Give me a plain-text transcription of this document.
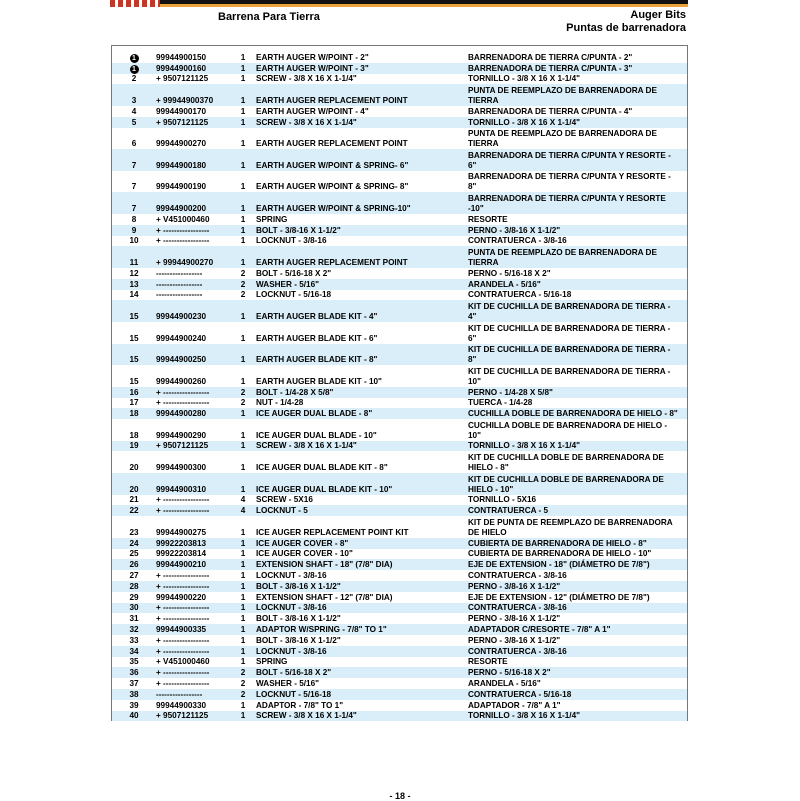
Barrena Para Tierra	Auger Bits
Puntas de barrenadora
1	99944900150	1	EARTH AUGER W/POINT - 2"	BARRENADORA DE TIERRA C/PUNTA - 2"
1	99944900160	1	EARTH AUGER W/POINT - 3"	BARRENADORA DE TIERRA C/PUNTA - 3"
2	+ 9507121125	1	SCREW - 3/8 X 16 X 1-1/4"	TORNILLO - 3/8 X 16 X 1-1/4"
3	+ 99944900370	1	EARTH AUGER REPLACEMENT POINT
PUNTA DE REEMPLAZO DE BARRENADORA DE TIERRA
4	99944900170	1	EARTH AUGER W/POINT - 4"	BARRENADORA DE TIERRA C/PUNTA - 4"
5	+ 9507121125	1	SCREW - 3/8 X 16 X 1-1/4"	TORNILLO - 3/8 X 16 X 1-1/4"
6	99944900270	1	EARTH AUGER REPLACEMENT POINT
PUNTA DE REEMPLAZO DE BARRENADORA DE TIERRA
7	99944900180	1	EARTH AUGER W/POINT & SPRING- 6"
BARRENADORA DE TIERRA C/PUNTA Y RESORTE - 6"
7	99944900190	1	EARTH AUGER W/POINT & SPRING- 8"
BARRENADORA DE TIERRA C/PUNTA Y RESORTE - 8"
7	99944900200	1	EARTH AUGER W/POINT & SPRING-10"
BARRENADORA DE TIERRA C/PUNTA Y RESORTE -10"
8	+ V451000460	1	SPRING	RESORTE
9	+ -----------------	1	BOLT - 3/8-16 X 1-1/2"	PERNO - 3/8-16 X 1-1/2"
10	+ -----------------	1	LOCKNUT - 3/8-16	CONTRATUERCA - 3/8-16
11	+ 99944900270	1	EARTH AUGER REPLACEMENT POINT
PUNTA DE REEMPLAZO DE BARRENADORA DE TIERRA
12	-----------------	2	BOLT - 5/16-18 X 2"	PERNO - 5/16-18 X 2"
13	-----------------	2	WASHER - 5/16"	ARANDELA - 5/16"
14	-----------------	2	LOCKNUT - 5/16-18	CONTRATUERCA - 5/16-18
15	99944900230	1	EARTH AUGER BLADE KIT - 4"
KIT DE CUCHILLA DE BARRENADORA DE TIERRA - 4"
15	99944900240	1	EARTH AUGER BLADE KIT - 6"
KIT DE CUCHILLA DE BARRENADORA DE TIERRA - 6"
15	99944900250	1	EARTH AUGER BLADE KIT - 8"
KIT DE CUCHILLA DE BARRENADORA DE TIERRA - 8"
15	99944900260	1	EARTH AUGER BLADE KIT - 10"
KIT DE CUCHILLA DE BARRENADORA DE TIERRA - 10"
16	+ -----------------	2	BOLT - 1/4-28 X 5/8"	PERNO - 1/4-28 X 5/8"
17	+ -----------------	2	NUT - 1/4-28	TUERCA - 1/4-28
18	99944900280	1	ICE AUGER DUAL BLADE - 8"	CUCHILLA DOBLE DE BARRENADORA DE HIELO - 8"
18	99944900290	1	ICE AUGER DUAL BLADE - 10"
CUCHILLA DOBLE DE BARRENADORA DE HIELO - 10"
19	+ 9507121125	1	SCREW - 3/8 X 16 X 1-1/4"	TORNILLO - 3/8 X 16 X 1-1/4"
20	99944900300	1	ICE AUGER DUAL BLADE KIT - 8"
KIT DE CUCHILLA DOBLE DE BARRENADORA DE HIELO - 8"
20	99944900310	1	ICE AUGER DUAL BLADE KIT - 10"
KIT DE CUCHILLA DOBLE DE BARRENADORA DE HIELO - 10"
21	+ -----------------	4	SCREW - 5X16	TORNILLO - 5X16
22	+ -----------------	4	LOCKNUT - 5	CONTRATUERCA - 5
23	99944900275	1	ICE AUGER REPLACEMENT POINT KIT
KIT DE PUNTA DE REEMPLAZO DE BARRENADORA DE HIELO
24	99922203813	1	ICE AUGER COVER - 8"	CUBIERTA DE BARRENADORA DE HIELO - 8"
25	99922203814	1	ICE AUGER COVER - 10"	CUBIERTA DE BARRENADORA DE HIELO - 10"
26	99944900210	1	EXTENSION SHAFT - 18" (7/8" DIA)	EJE DE EXTENSION - 18" (DIÁMETRO DE 7/8")
27	+ -----------------	1	LOCKNUT - 3/8-16	CONTRATUERCA - 3/8-16
28	+ -----------------	1	BOLT - 3/8-16 X 1-1/2"	PERNO - 3/8-16 X 1-1/2"
29	99944900220	1	EXTENSION SHAFT - 12" (7/8" DIA)	EJE DE EXTENSION - 12" (DIÁMETRO DE 7/8")
30	+ -----------------	1	LOCKNUT - 3/8-16	CONTRATUERCA - 3/8-16
31	+ -----------------	1	BOLT - 3/8-16 X 1-1/2"	PERNO - 3/8-16 X 1-1/2"
32	99944900335	1	ADAPTOR W/SPRING - 7/8" TO 1"	ADAPTADOR C/RESORTE - 7/8" A 1"
33	+ -----------------	1	BOLT - 3/8-16 X 1-1/2"	PERNO - 3/8-16 X 1-1/2"
34	+ -----------------	1	LOCKNUT - 3/8-16	CONTRATUERCA - 3/8-16
35	+ V451000460	1	SPRING	RESORTE
36	+ -----------------	2	BOLT - 5/16-18 X 2"	PERNO - 5/16-18 X 2"
37	+ -----------------	2	WASHER - 5/16"	ARANDELA - 5/16"
38	-----------------	2	LOCKNUT - 5/16-18	CONTRATUERCA - 5/16-18
39	99944900330	1	ADAPTOR - 7/8" TO 1"	ADAPTADOR - 7/8" A 1"
40	+ 9507121125	1	SCREW - 3/8 X 16 X 1-1/4"	TORNILLO - 3/8 X 16 X 1-1/4"
- 18 -
